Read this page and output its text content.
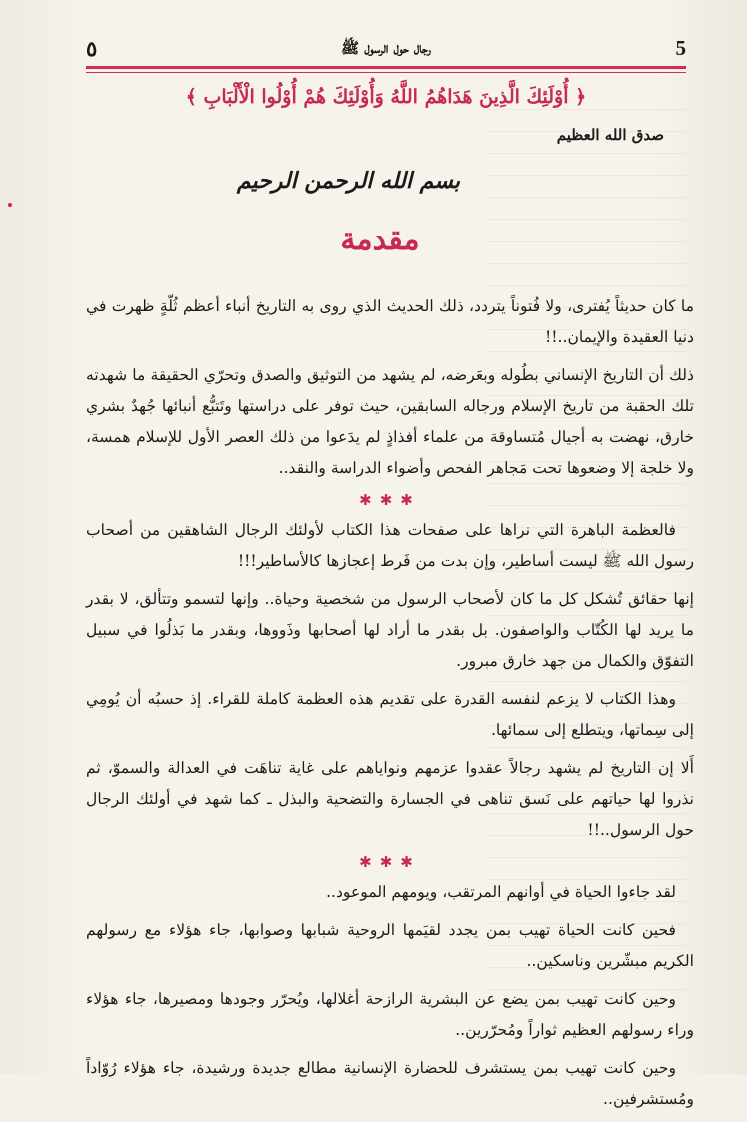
٥	رجال حول الرسول ﷺ	5
﴿ أُوْلَئِكَ الَّذِينَ هَدَاهُمُ اللَّهُ وَأُوْلَئِكَ هُمْ أُوْلُوا الْأَلْبَابِ ﴾
صدق الله العظيم
بسم الله الرحمن الرحيم
مقدمة

ما كان حديثاً يُفترى، ولا فُتوناً يتردد، ذلك الحديث الذي روى به التاريخ أنباء أعظم ثُلّةٍ ظهرت في دنيا العقيدة والإيمان..!!

ذلك أن التاريخ الإنساني بطُوله وبعَرضه، لم يشهد من التوثيق والصدق وتحرّي الحقيقة ما شهدته تلك الحقبة من تاريخ الإسلام ورجاله السابقين، حيث توفر على دراستها وتَتبُّع أنبائها جُهدٌ بشري خارق، نهضت به أجيال مُتساوقة من علماء أفذاذٍ لم يدَعوا من ذلك العصر الأول للإسلام همسة، ولا خلجة إلا وضعوها تحت مَجاهر الفحص وأضواء الدراسة والنقد..

✱✱✱

فالعظمة الباهرة التي نراها على صفحات هذا الكتاب لأولئك الرجال الشاهقين من أصحاب رسول الله ﷺ ليست أساطير، وإن بدت من فَرط إعجازها كالأساطير!!!

إنها حقائق تُشكل كل ما كان لأصحاب الرسول من شخصية وحياة.. وإنها لتسمو وتتألق، لا بقدر ما يريد لها الكُتّاب والواصفون. بل بقدر ما أراد لها أصحابها وذَووها، وبقدر ما بَذلُوا في سبيل التفوّق والكمال من جهد خارق مبرور.

وهذا الكتاب لا يزعم لنفسه القدرة على تقديم هذه العظمة كاملة للقراء. إذ حسبُه أن يُومِي إلى سِماتها، ويتطلع إلى سمائها.

أَلا إن التاريخ لم يشهد رجالاً عقدوا عزمهم ونواياهم على غاية تناهَت في العدالة والسموّ، ثم نذروا لها حياتهم على نَسق تناهى في الجسارة والتضحية والبذل ـ كما شهد في أولئك الرجال حول الرسول..!!

✱✱✱

لقد جاءوا الحياة في أوانهم المرتقب، ويومهم الموعود..

فحين كانت الحياة تهيب بمن يجدد لقيَمها الروحية شبابها وصوابها، جاء هؤلاء مع رسولهم الكريم مبشّرين وناسكين..

وحين كانت تهيب بمن يضع عن البشرية الرازحة أغلالها، ويُحرّر وجودها ومصيرها، جاء هؤلاء وراء رسولهم العظيم ثواراً ومُحرّرين..

وحين كانت تهيب بمن يستشرف للحضارة الإنسانية مطالع جديدة ورشيدة، جاء هؤلاء رُوّاداً ومُستشرفين..
